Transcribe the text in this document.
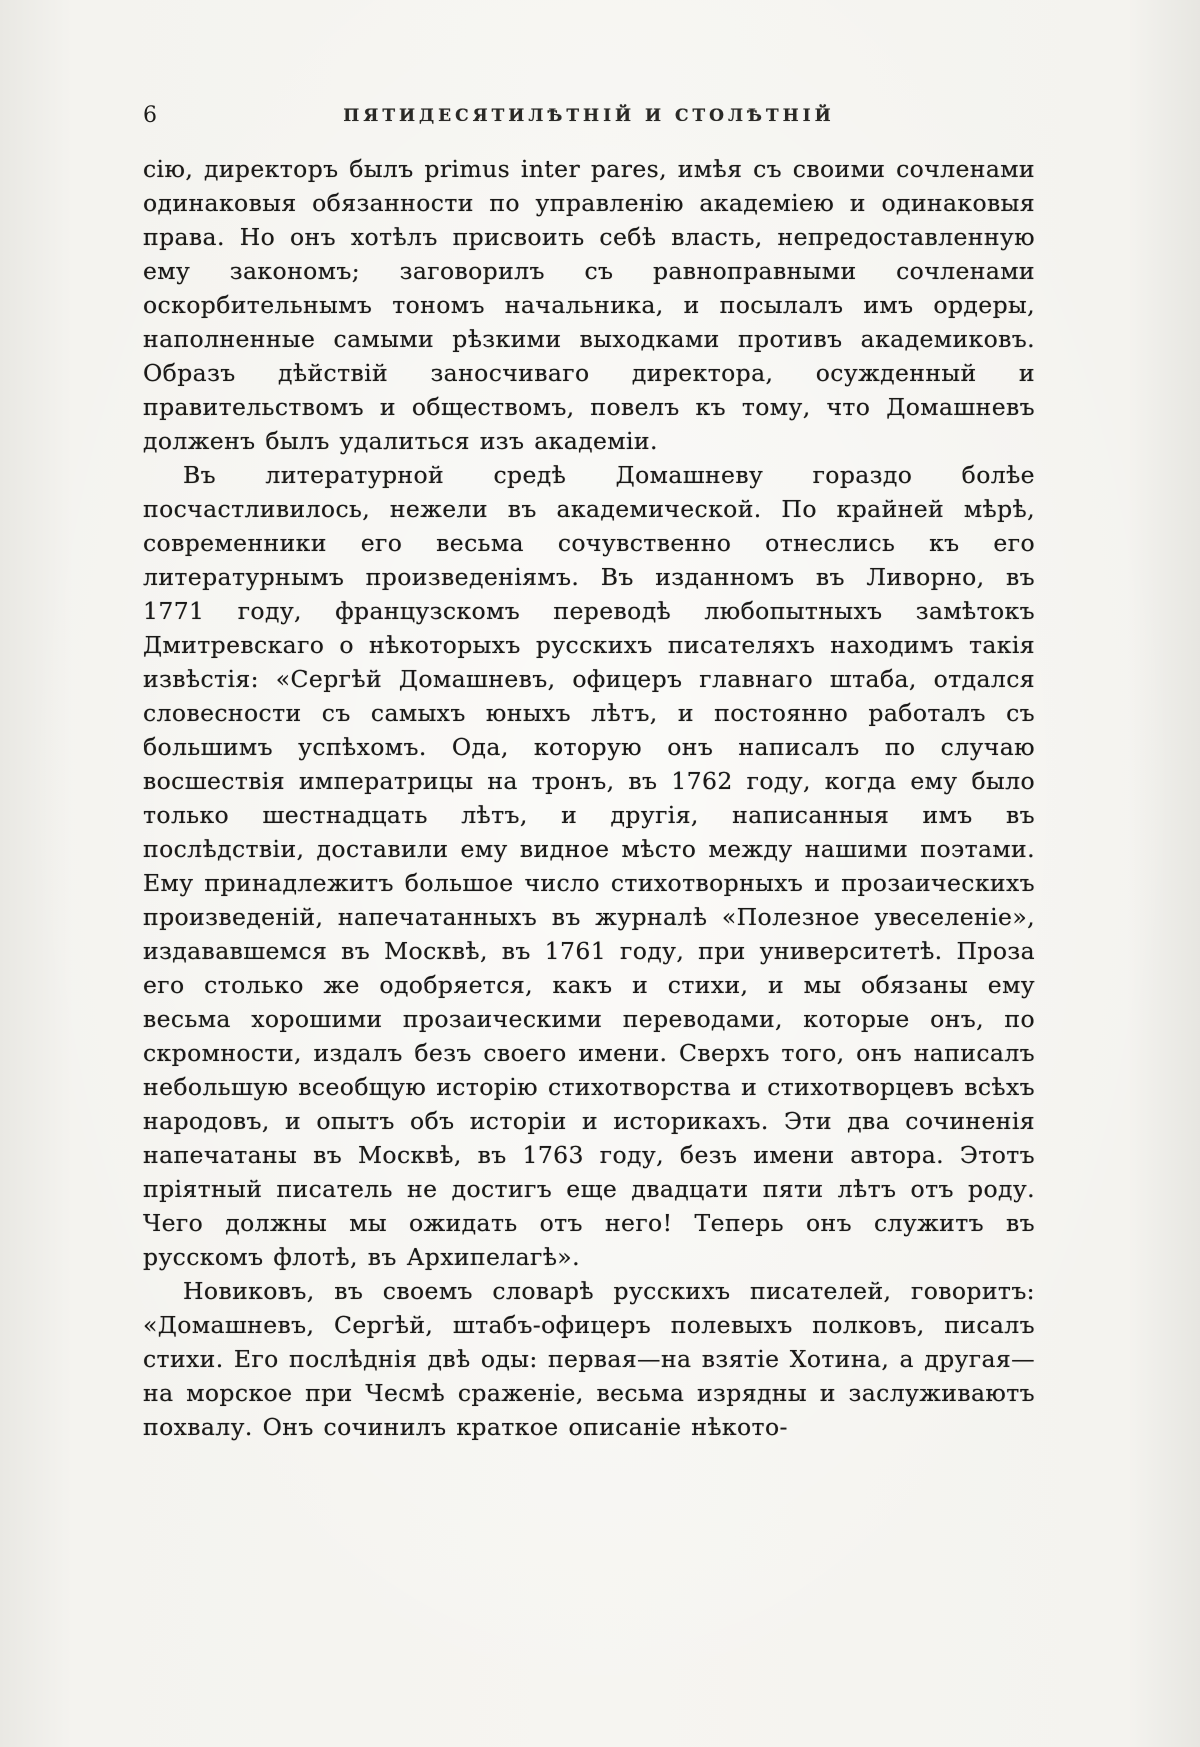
6	ПЯТИДЕСЯТИЛѢТНІЙ И СТОЛѢТНІЙ

сію, директоръ былъ primus inter pares, имѣя съ своими сочленами одинаковыя обязанности по управленію академіею и одинаковыя права. Но онъ хотѣлъ присвоить себѣ власть, непредоставленную ему закономъ; заговорилъ съ равноправными сочленами оскорбительнымъ тономъ начальника, и посылалъ имъ ордеры, наполненные самыми рѣзкими выходками противъ академиковъ. Образъ дѣйствій заносчиваго директора, осужденный и правительствомъ и обществомъ, повелъ къ тому, что Домашневъ долженъ былъ удалиться изъ академіи.

Въ литературной средѣ Домашневу гораздо болѣе посчастливилось, нежели въ академической. По крайней мѣрѣ, современники его весьма сочувственно отнеслись къ его литературнымъ произведеніямъ. Въ изданномъ въ Ливорно, въ 1771 году, французскомъ переводѣ любопытныхъ замѣтокъ Дмитревскаго о нѣкоторыхъ русскихъ писателяхъ находимъ такія извѣстія: «Сергѣй Домашневъ, офицеръ главнаго штаба, отдался словесности съ самыхъ юныхъ лѣтъ, и постоянно работалъ съ большимъ успѣхомъ. Ода, которую онъ написалъ по случаю восшествія императрицы на тронъ, въ 1762 году, когда ему было только шестнадцать лѣтъ, и другія, написанныя имъ въ послѣдствіи, доставили ему видное мѣсто между нашими поэтами. Ему принадлежитъ большое число стихотворныхъ и прозаическихъ произведеній, напечатанныхъ въ журналѣ «Полезное увеселеніе», издававшемся въ Москвѣ, въ 1761 году, при университетѣ. Проза его столько же одобряется, какъ и стихи, и мы обязаны ему весьма хорошими прозаическими переводами, которые онъ, по скромности, издалъ безъ своего имени. Сверхъ того, онъ написалъ небольшую всеобщую исторію стихотворства и стихотворцевъ всѣхъ народовъ, и опытъ объ исторіи и историкахъ. Эти два сочиненія напечатаны въ Москвѣ, въ 1763 году, безъ имени автора. Этотъ пріятный писатель не достигъ еще двадцати пяти лѣтъ отъ роду. Чего должны мы ожидать отъ него! Теперь онъ служитъ въ русскомъ флотѣ, въ Архипелагѣ».

Новиковъ, въ своемъ словарѣ русскихъ писателей, говоритъ: «Домашневъ, Сергѣй, штабъ-офицеръ полевыхъ полковъ, писалъ стихи. Его послѣднія двѣ оды: первая—на взятіе Хотина, а другая—на морское при Чесмѣ сраженіе, весьма изрядны и заслуживаютъ похвалу. Онъ сочинилъ краткое описаніе нѣкото-
